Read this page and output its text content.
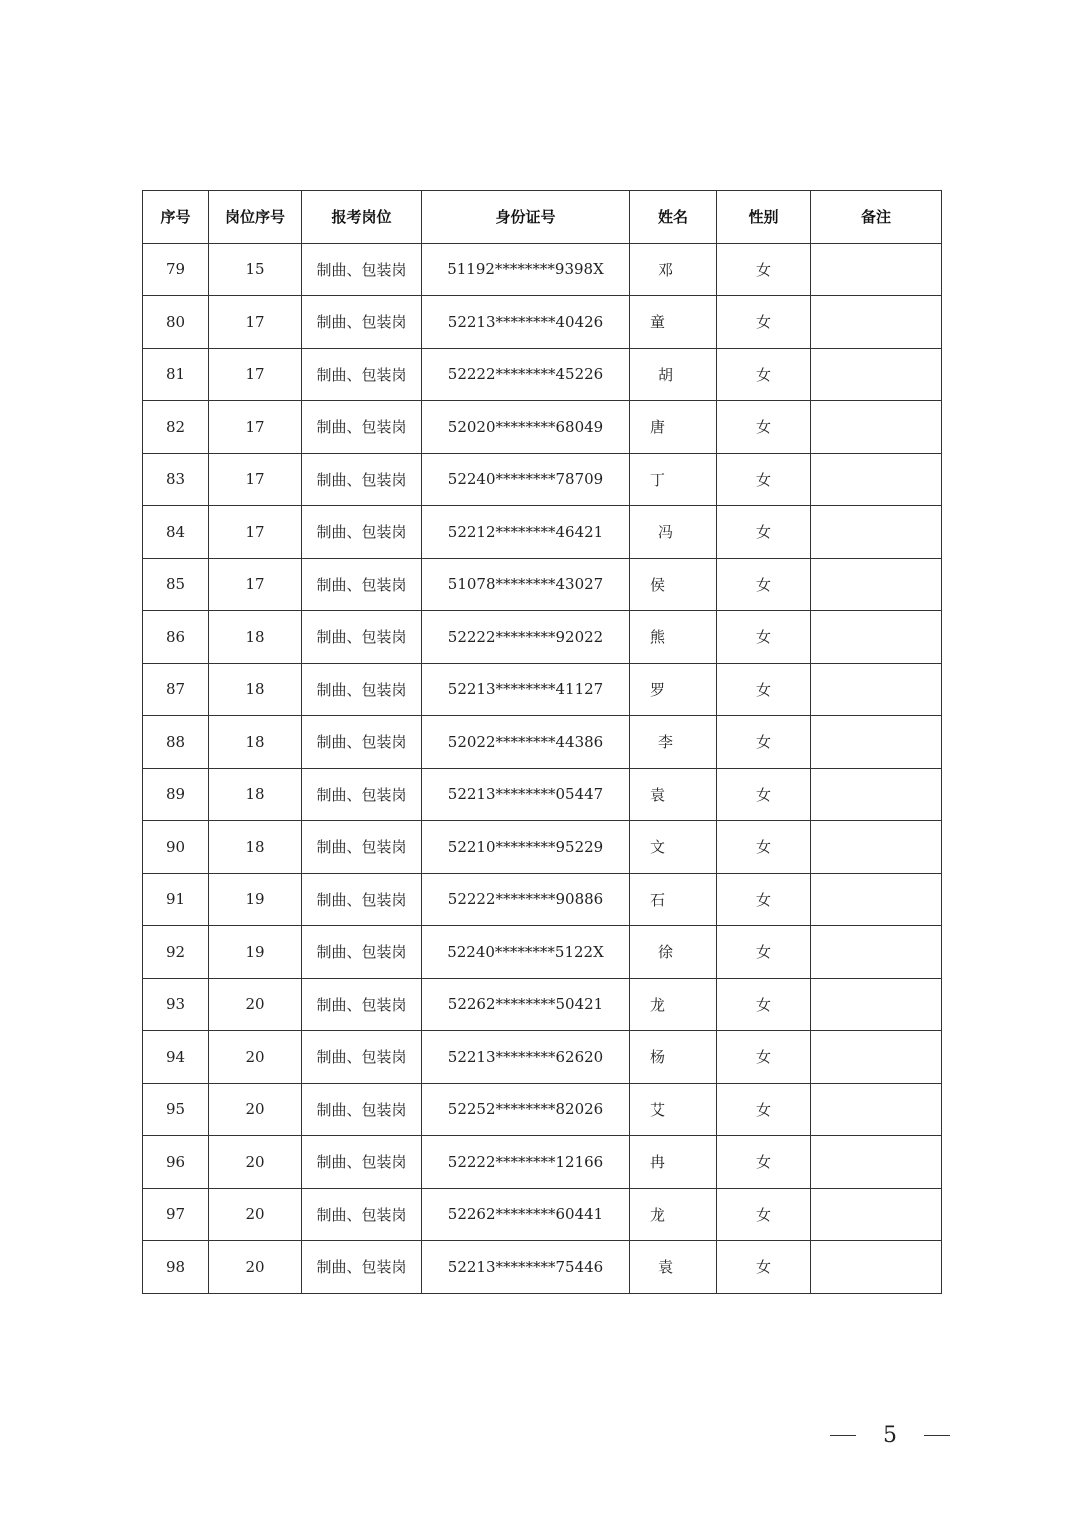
序号	岗位序号	报考岗位	身份证号	姓名	性别	备注
79	15	制曲、包装岗	51192********9398X	邓	女	
80	17	制曲、包装岗	52213********40426	童	女	
81	17	制曲、包装岗	52222********45226	胡	女	
82	17	制曲、包装岗	52020********68049	唐	女	
83	17	制曲、包装岗	52240********78709	丁	女	
84	17	制曲、包装岗	52212********46421	冯	女	
85	17	制曲、包装岗	51078********43027	侯	女	
86	18	制曲、包装岗	52222********92022	熊	女	
87	18	制曲、包装岗	52213********41127	罗	女	
88	18	制曲、包装岗	52022********44386	李	女	
89	18	制曲、包装岗	52213********05447	袁	女	
90	18	制曲、包装岗	52210********95229	文	女	
91	19	制曲、包装岗	52222********90886	石	女	
92	19	制曲、包装岗	52240********5122X	徐	女	
93	20	制曲、包装岗	52262********50421	龙	女	
94	20	制曲、包装岗	52213********62620	杨	女	
95	20	制曲、包装岗	52252********82026	艾	女	
96	20	制曲、包装岗	52222********12166	冉	女	
97	20	制曲、包装岗	52262********60441	龙	女	
98	20	制曲、包装岗	52213********75446	袁	女	
5
